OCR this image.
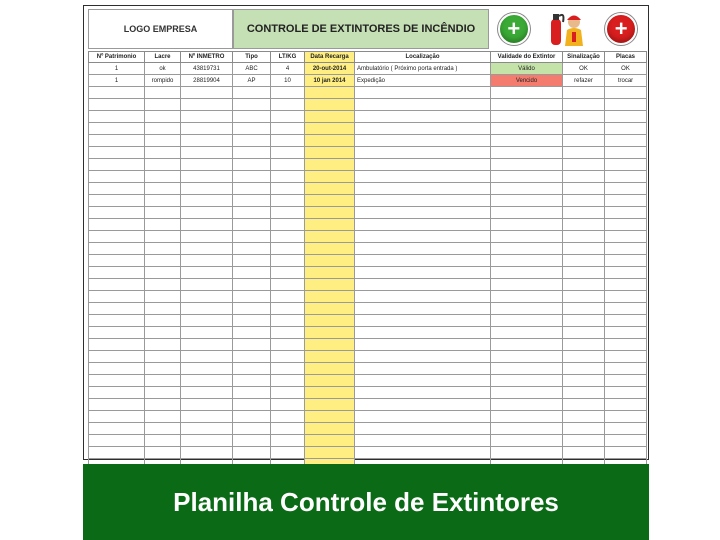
LOGO EMPRESA	CONTROLE DE EXTINTORES DE INCÊNDIO	+	+
Nº Patrimonio	Lacre	Nº INMETRO	Tipo	LT/KG	Data Recarga	Localização	Validade do Extintor	Sinalização	Placas
1	ok	43819731	ABC	4	20-out-2014	Ambulatório ( Próximo porta entrada )	Válido	OK	OK
1	rompido	28819904	AP	10	10 jan 2014	Expedição	Vencido	refazer	trocar

Planilha Controle de Extintores
